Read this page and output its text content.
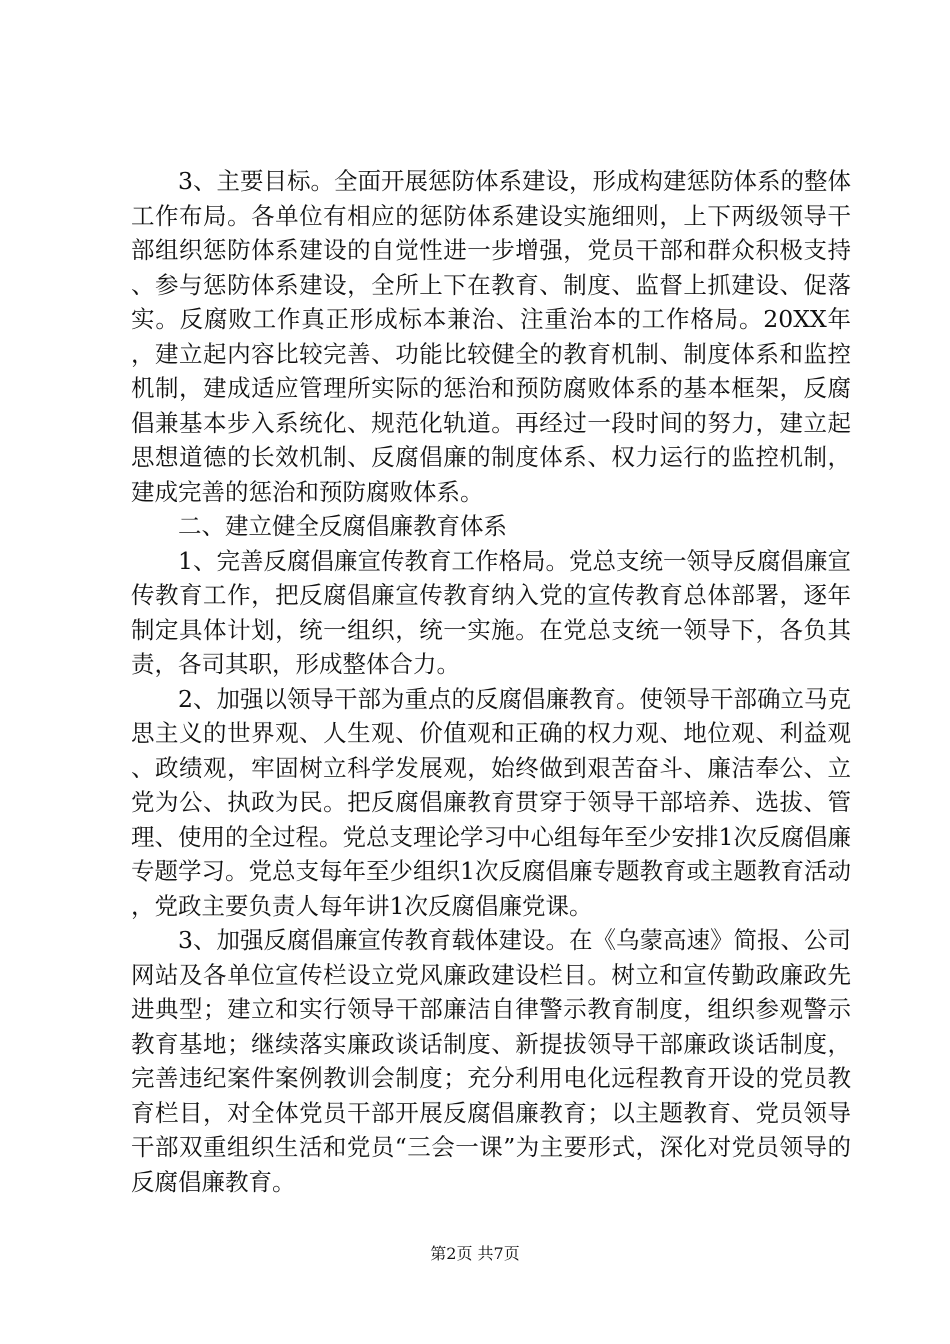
3、主要目标。全面开展惩防体系建设，形成构建惩防体系的整体工作布局。各单位有相应的惩防体系建设实施细则，上下两级领导干部组织惩防体系建设的自觉性进一步增强，党员干部和群众积极支持、参与惩防体系建设，全所上下在教育、制度、监督上抓建设、促落实。反腐败工作真正形成标本兼治、注重治本的工作格局。20XX年，建立起内容比较完善、功能比较健全的教育机制、制度体系和监控机制，建成适应管理所实际的惩治和预防腐败体系的基本框架，反腐倡兼基本步入系统化、规范化轨道。再经过一段时间的努力，建立起思想道德的长效机制、反腐倡廉的制度体系、权力运行的监控机制，建成完善的惩治和预防腐败体系。

二、建立健全反腐倡廉教育体系

1、完善反腐倡廉宣传教育工作格局。党总支统一领导反腐倡廉宣传教育工作，把反腐倡廉宣传教育纳入党的宣传教育总体部署，逐年制定具体计划，统一组织，统一实施。在党总支统一领导下，各负其责，各司其职，形成整体合力。

2、加强以领导干部为重点的反腐倡廉教育。使领导干部确立马克思主义的世界观、人生观、价值观和正确的权力观、地位观、利益观、政绩观，牢固树立科学发展观，始终做到艰苦奋斗、廉洁奉公、立党为公、执政为民。把反腐倡廉教育贯穿于领导干部培养、选拔、管理、使用的全过程。党总支理论学习中心组每年至少安排1次反腐倡廉专题学习。党总支每年至少组织1次反腐倡廉专题教育或主题教育活动，党政主要负责人每年讲1次反腐倡廉党课。

3、加强反腐倡廉宣传教育载体建设。在《乌蒙高速》简报、公司网站及各单位宣传栏设立党风廉政建设栏目。树立和宣传勤政廉政先进典型；建立和实行领导干部廉洁自律警示教育制度，组织参观警示教育基地；继续落实廉政谈话制度、新提拔领导干部廉政谈话制度，完善违纪案件案例教训会制度；充分利用电化远程教育开设的党员教育栏目，对全体党员干部开展反腐倡廉教育；以主题教育、党员领导干部双重组织生活和党员“三会一课”为主要形式，深化对党员领导的反腐倡廉教育。

第2页 共7页
